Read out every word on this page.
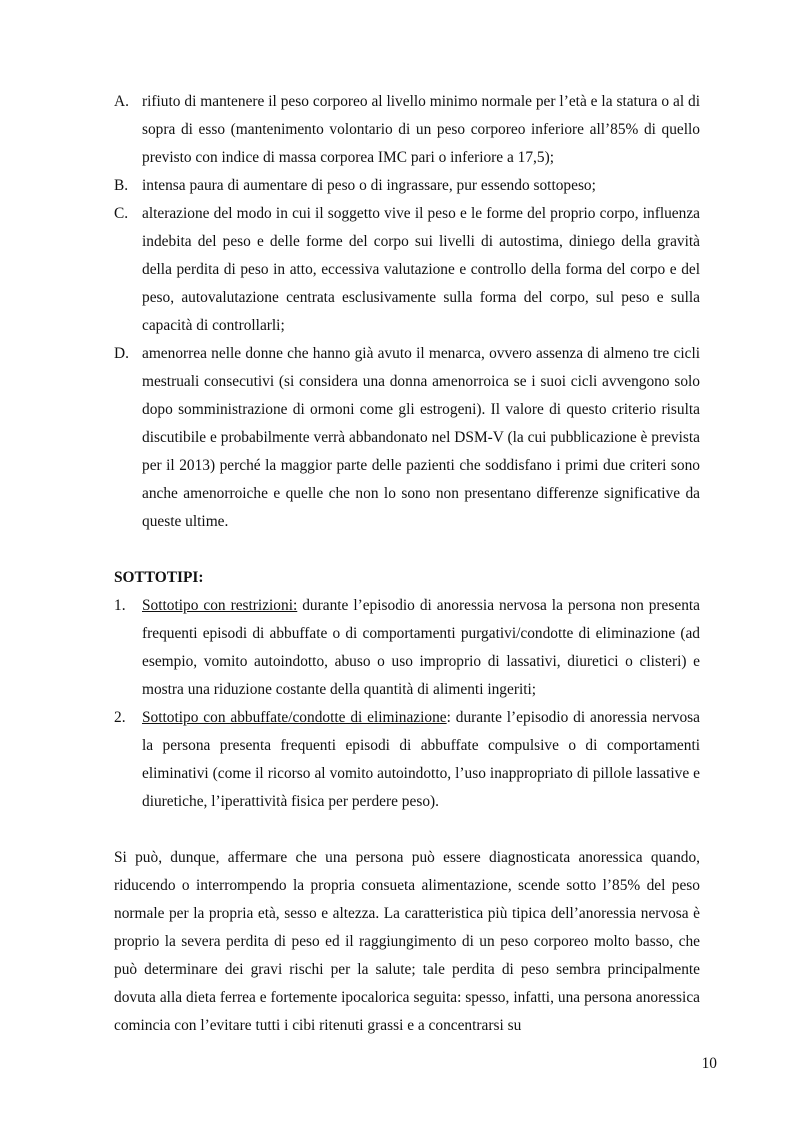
A. rifiuto di mantenere il peso corporeo al livello minimo normale per l’età e la statura o al di sopra di esso (mantenimento volontario di un peso corporeo inferiore all’85% di quello previsto con indice di massa corporea IMC pari o inferiore a 17,5);
B. intensa paura di aumentare di peso o di ingrassare, pur essendo sottopeso;
C. alterazione del modo in cui il soggetto vive il peso e le forme del proprio corpo, influenza indebita del peso e delle forme del corpo sui livelli di autostima, diniego della gravità della perdita di peso in atto, eccessiva valutazione e controllo della forma del corpo e del peso, autovalutazione centrata esclusivamente sulla forma del corpo, sul peso e sulla capacità di controllarli;
D. amenorrea nelle donne che hanno già avuto il menarca, ovvero assenza di almeno tre cicli mestruali consecutivi (si considera una donna amenorroica se i suoi cicli avvengono solo dopo somministrazione di ormoni come gli estrogeni). Il valore di questo criterio risulta discutibile e probabilmente verrà abbandonato nel DSM-V (la cui pubblicazione è prevista per il 2013) perché la maggior parte delle pazienti che soddisfano i primi due criteri sono anche amenorroiche e quelle che non lo sono non presentano differenze significative da queste ultime.

SOTTOTIPI:

1. Sottotipo con restrizioni: durante l’episodio di anoressia nervosa la persona non presenta frequenti episodi di abbuffate o di comportamenti purgativi/condotte di eliminazione (ad esempio, vomito autoindotto, abuso o uso improprio di lassativi, diuretici o clisteri) e mostra una riduzione costante della quantità di alimenti ingeriti;
2. Sottotipo con abbuffate/condotte di eliminazione: durante l’episodio di anoressia nervosa la persona presenta frequenti episodi di abbuffate compulsive o di comportamenti eliminativi (come il ricorso al vomito autoindotto, l’uso inappropriato di pillole lassative e diuretiche, l’iperattività fisica per perdere peso).

Si può, dunque, affermare che una persona può essere diagnosticata anoressica quando, riducendo o interrompendo la propria consueta alimentazione, scende sotto l’85% del peso normale per la propria età, sesso e altezza. La caratteristica più tipica dell’anoressia nervosa è proprio la severa perdita di peso ed il raggiungimento di un peso corporeo molto basso, che può determinare dei gravi rischi per la salute; tale perdita di peso sembra principalmente dovuta alla dieta ferrea e fortemente ipocalorica seguita: spesso, infatti, una persona anoressica comincia con l’evitare tutti i cibi ritenuti grassi e a concentrarsi su

10
